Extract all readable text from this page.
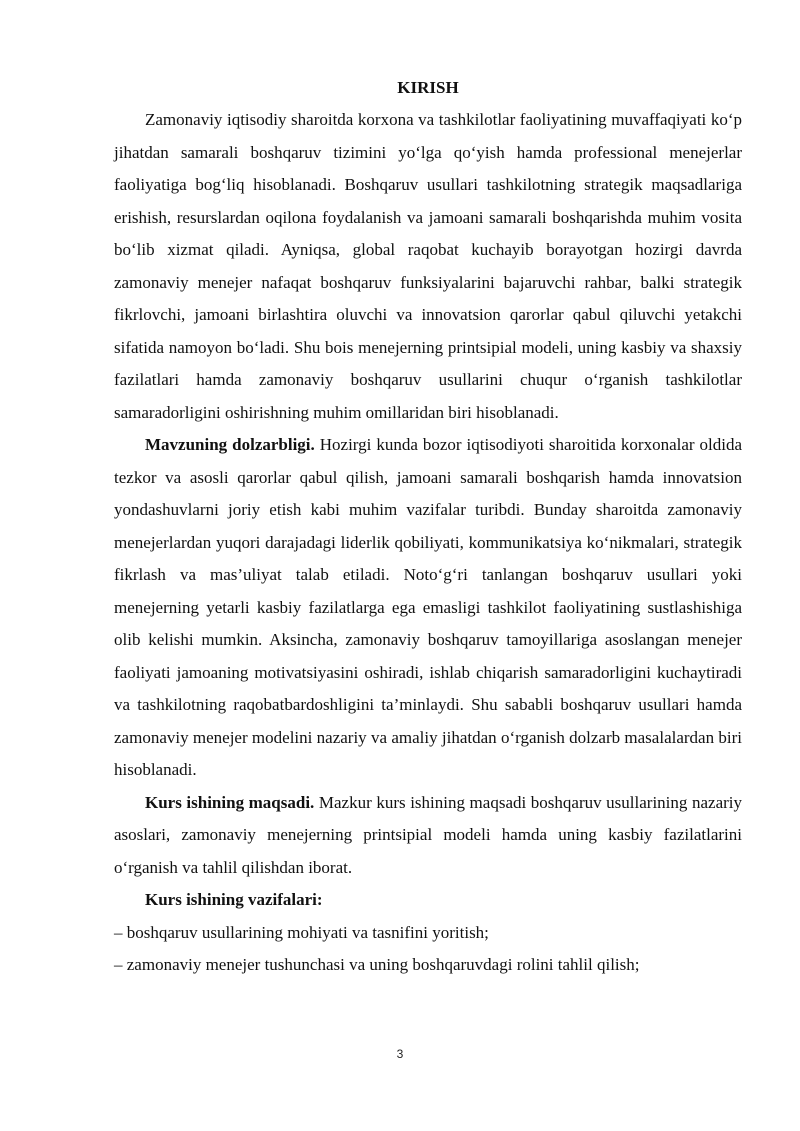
KIRISH

Zamonaviy iqtisodiy sharoitda korxona va tashkilotlar faoliyatining muvaffaqiyati ko‘p jihatdan samarali boshqaruv tizimini yo‘lga qo‘yish hamda professional menejerlar faoliyatiga bog‘liq hisoblanadi. Boshqaruv usullari tashkilotning strategik maqsadlariga erishish, resurslardan oqilona foydalanish va jamoani samarali boshqarishda muhim vosita bo‘lib xizmat qiladi. Ayniqsa, global raqobat kuchayib borayotgan hozirgi davrda zamonaviy menejer nafaqat boshqaruv funksiyalarini bajaruvchi rahbar, balki strategik fikrlovchi, jamoani birlashtira oluvchi va innovatsion qarorlar qabul qiluvchi yetakchi sifatida namoyon bo‘ladi. Shu bois menejerning printsipial modeli, uning kasbiy va shaxsiy fazilatlari hamda zamonaviy boshqaruv usullarini chuqur o‘rganish tashkilotlar samaradorligini oshirishning muhim omillaridan biri hisoblanadi.

Mavzuning dolzarbligi. Hozirgi kunda bozor iqtisodiyoti sharoitida korxonalar oldida tezkor va asosli qarorlar qabul qilish, jamoani samarali boshqarish hamda innovatsion yondashuvlarni joriy etish kabi muhim vazifalar turibdi. Bunday sharoitda zamonaviy menejerlardan yuqori darajadagi liderlik qobiliyati, kommunikatsiya ko‘nikmalari, strategik fikrlash va mas’uliyat talab etiladi. Noto‘g‘ri tanlangan boshqaruv usullari yoki menejerning yetarli kasbiy fazilatlarga ega emasligi tashkilot faoliyatining sustlashishiga olib kelishi mumkin. Aksincha, zamonaviy boshqaruv tamoyillariga asoslangan menejer faoliyati jamoaning motivatsiyasini oshiradi, ishlab chiqarish samaradorligini kuchaytiradi va tashkilotning raqobatbardoshligini ta’minlaydi. Shu sababli boshqaruv usullari hamda zamonaviy menejer modelini nazariy va amaliy jihatdan o‘rganish dolzarb masalalardan biri hisoblanadi.

Kurs ishining maqsadi. Mazkur kurs ishining maqsadi boshqaruv usullarining nazariy asoslari, zamonaviy menejerning printsipial modeli hamda uning kasbiy fazilatlarini o‘rganish va tahlil qilishdan iborat.

Kurs ishining vazifalari:

– boshqaruv usullarining mohiyati va tasnifini yoritish;

– zamonaviy menejer tushunchasi va uning boshqaruvdagi rolini tahlil qilish;

3
